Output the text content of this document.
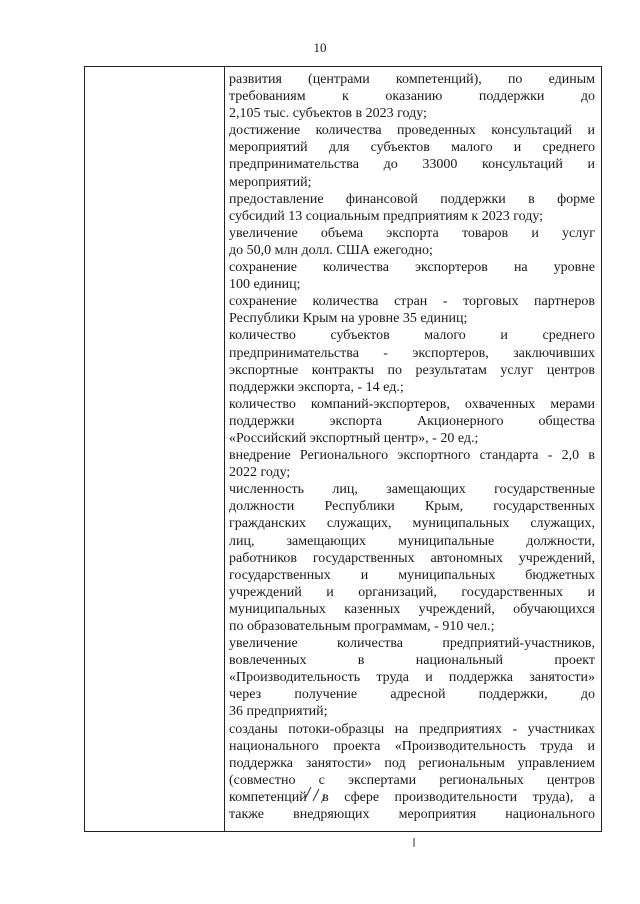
10
развития (центрами компетенций), по единым
требованиям к оказанию поддержки до
2,105 тыс. субъектов в 2023 году;
достижение количества проведенных консультаций и
мероприятий для субъектов малого и среднего
предпринимательства до 33000 консультаций и
мероприятий;
предоставление финансовой поддержки в форме
субсидий 13 социальным предприятиям к 2023 году;
увеличение объема экспорта товаров и услуг
до 50,0 млн долл. США ежегодно;
сохранение количества экспортеров на уровне
100 единиц;
сохранение количества стран - торговых партнеров
Республики Крым на уровне 35 единиц;
количество субъектов малого и среднего
предпринимательства - экспортеров, заключивших
экспортные контракты по результатам услуг центров
поддержки экспорта, - 14 ед.;
количество компаний-экспортеров, охваченных мерами
поддержки экспорта Акционерного общества
«Российский экспортный центр», - 20 ед.;
внедрение Регионального экспортного стандарта - 2,0 в
2022 году;
численность лиц, замещающих государственные
должности Республики Крым, государственных
гражданских служащих, муниципальных служащих,
лиц, замещающих муниципальные должности,
работников государственных автономных учреждений,
государственных и муниципальных бюджетных
учреждений и организаций, государственных и
муниципальных казенных учреждений, обучающихся
по образовательным программам, - 910 чел.;
увеличение количества предприятий-участников,
вовлеченных в национальный проект
«Производительность труда и поддержка занятости»
через получение адресной поддержки, до
36 предприятий;
созданы потоки-образцы на предприятиях - участниках
национального проекта «Производительность труда и
поддержка занятости» под региональным управлением
(совместно с экспертами региональных центров
компетенций в сфере производительности труда), а
также внедряющих мероприятия национального
